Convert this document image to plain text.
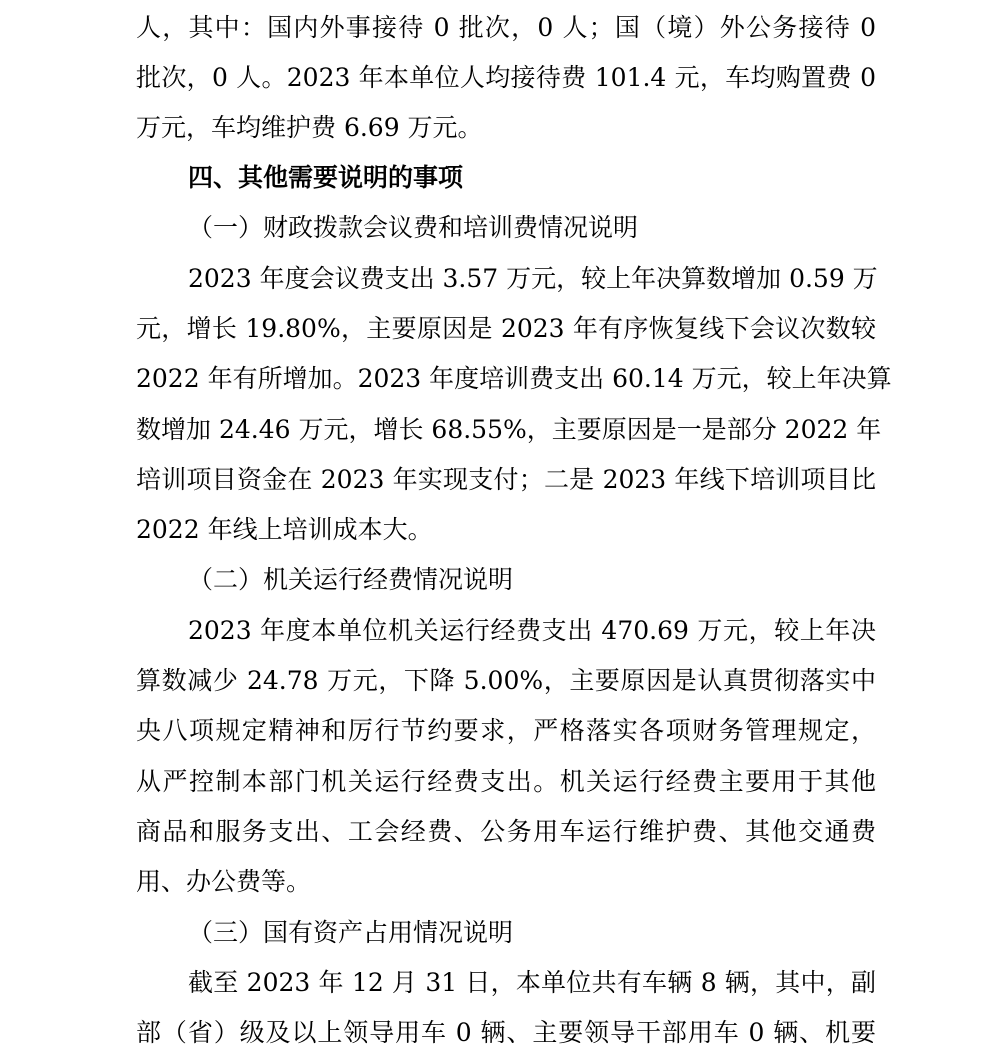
人，其中：国内外事接待 0 批次，0 人；国（境）外公务接待 0
批次，0 人。2023 年本单位人均接待费 101.4 元，车均购置费 0
万元，车均维护费 6.69 万元。
四、其他需要说明的事项
（一）财政拨款会议费和培训费情况说明
2023 年度会议费支出 3.57 万元，较上年决算数增加 0.59 万
元，增长 19.80%，主要原因是 2023 年有序恢复线下会议次数较
2022 年有所增加。2023 年度培训费支出 60.14 万元，较上年决算
数增加 24.46 万元，增长 68.55%，主要原因是一是部分 2022 年
培训项目资金在 2023 年实现支付；二是 2023 年线下培训项目比
2022 年线上培训成本大。
（二）机关运行经费情况说明
2023 年度本单位机关运行经费支出 470.69 万元，较上年决
算数减少 24.78 万元，下降 5.00%，主要原因是认真贯彻落实中
央八项规定精神和厉行节约要求，严格落实各项财务管理规定，
从严控制本部门机关运行经费支出。机关运行经费主要用于其他
商品和服务支出、工会经费、公务用车运行维护费、其他交通费
用、办公费等。
（三）国有资产占用情况说明
截至 2023 年 12 月 31 日，本单位共有车辆 8 辆，其中，副
部（省）级及以上领导用车 0 辆、主要领导干部用车 0 辆、机要
